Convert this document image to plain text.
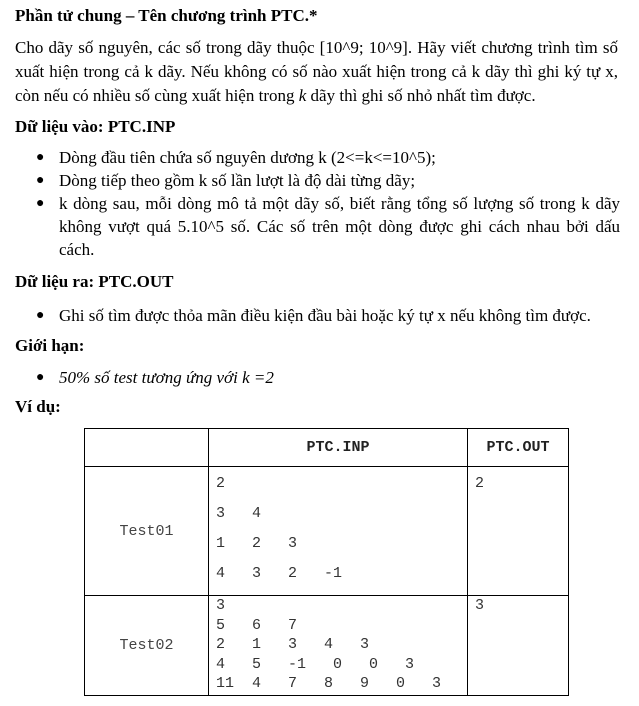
Phần tử chung – Tên chương trình PTC.*
Cho dãy số nguyên, các số trong dãy thuộc [10^9; 10^9]. Hãy viết chương trình tìm số xuất hiện trong cả k dãy. Nếu không có số nào xuất hiện trong cả k dãy thì ghi ký tự x, còn nếu có nhiều số cùng xuất hiện trong k dãy thì ghi số nhỏ nhất tìm được.
Dữ liệu vào: PTC.INP
● Dòng đầu tiên chứa số nguyên dương k (2<=k<=10^5);
● Dòng tiếp theo gồm k số lần lượt là độ dài từng dãy;
● k dòng sau, mỗi dòng mô tả một dãy số, biết rằng tổng số lượng số trong k dãy không vượt quá 5.10^5 số. Các số trên một dòng được ghi cách nhau bởi dấu cách.
Dữ liệu ra: PTC.OUT
● Ghi số tìm được thỏa mãn điều kiện đầu bài hoặc ký tự x nếu không tìm được.
Giới hạn:
● 50% số test tương ứng với k =2
Ví dụ:
	PTC.INP	PTC.OUT
Test01	2
3   4
1   2   3
4   3   2   -1	2
Test02	3
5   6   7
2   1   3   4   3
4   5   -1   0   0   3
11  4   7   8   9   0   3	3
